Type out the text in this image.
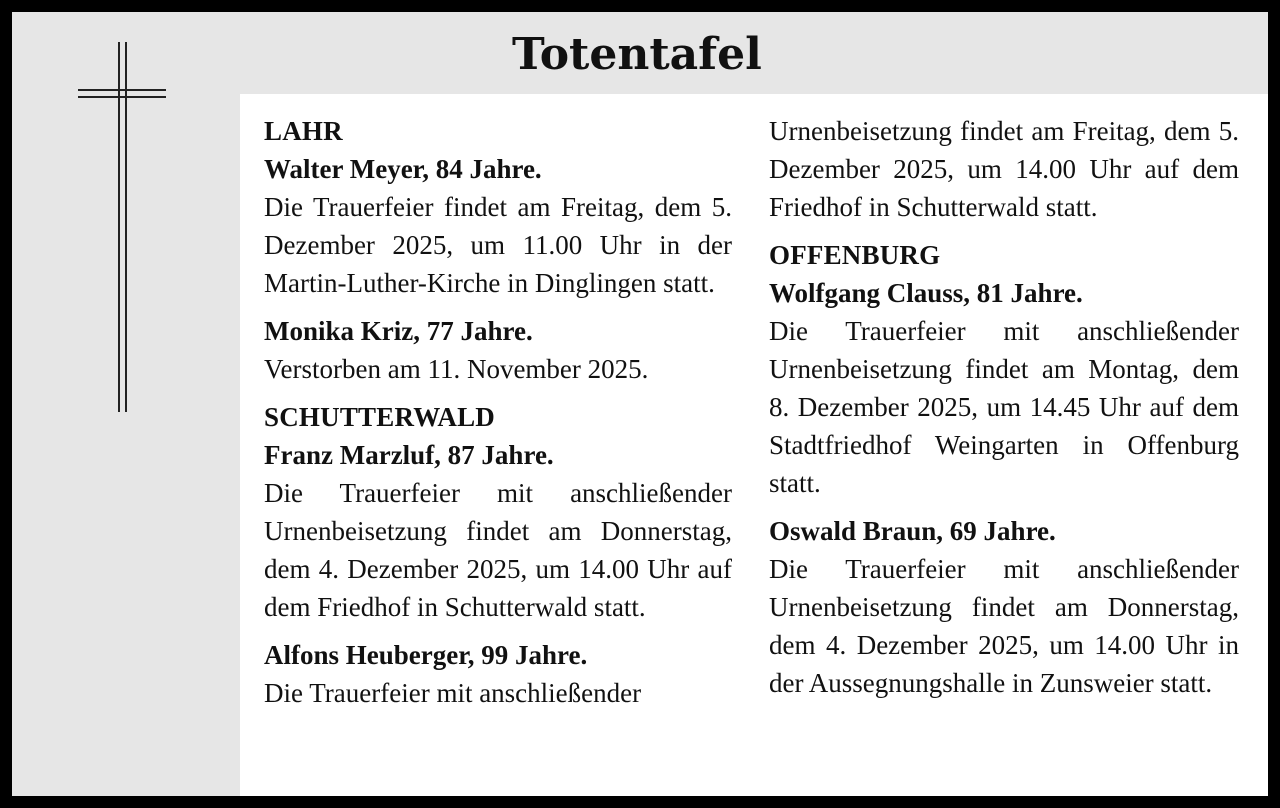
Totentafel
LAHR
Walter Meyer, 84 Jahre.
Die Trauerfeier findet am Freitag, dem 5. Dezember 2025, um 11.00 Uhr in der Martin-Luther-Kirche in Dinglingen statt.
Monika Kriz, 77 Jahre.
Verstorben am 11. November 2025.
SCHUTTERWALD
Franz Marzluf, 87 Jahre.
Die Trauerfeier mit anschließender Urnenbeisetzung findet am Donnerstag, dem 4. Dezember 2025, um 14.00 Uhr auf dem Friedhof in Schutterwald statt.
Alfons Heuberger, 99 Jahre.
Die Trauerfeier mit anschließender
Urnenbeisetzung findet am Freitag, dem 5. Dezember 2025, um 14.00 Uhr auf dem Friedhof in Schutterwald statt.
OFFENBURG
Wolfgang Clauss, 81 Jahre.
Die Trauerfeier mit anschließender Urnenbeisetzung findet am Montag, dem 8. Dezember 2025, um 14.45 Uhr auf dem Stadtfriedhof Weingarten in Offenburg statt.
Oswald Braun, 69 Jahre.
Die Trauerfeier mit anschließender Urnenbeisetzung findet am Donnerstag, dem 4. Dezember 2025, um 14.00 Uhr in der Aussegnungshalle in Zunsweier statt.
